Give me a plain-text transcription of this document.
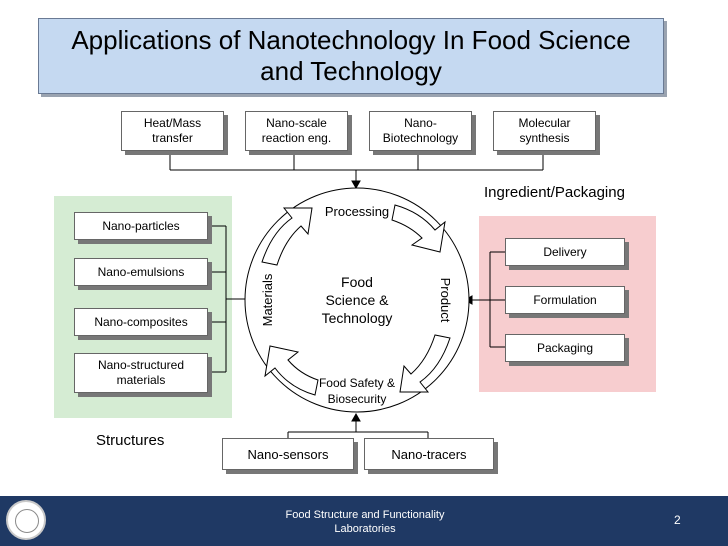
Applications of Nanotechnology In Food Science
and Technology
Heat/Mass
transfer
Nano-scale
reaction eng.
Nano-
Biotechnology
Molecular
synthesis
Ingredient/Packaging
Structures
Processing
Materials	Product
Food
Science &
Technology
Food Safety &
Biosecurity
Nano-particles
Nano-emulsions
Nano-composites
Nano-structured
materials
Delivery
Formulation
Packaging
Nano-sensors	Nano-tracers
Food Structure and Functionality
Laboratories
2
